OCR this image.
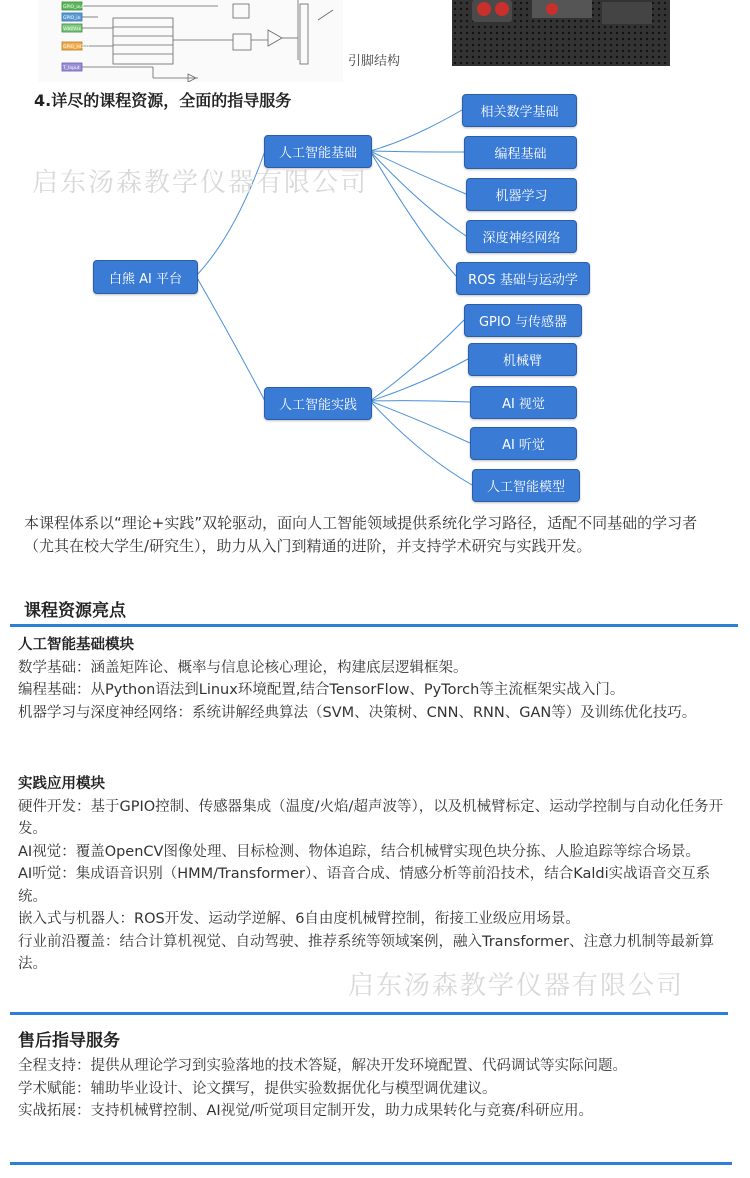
GPIO_out
GPIO_in
Vdd/Vss
GPIO_HOLD
T_Input	引脚结构
4.详尽的课程资源，全面的指导服务
白熊 AI 平台
人工智能基础
人工智能实践
相关数学基础
编程基础
机器学习
深度神经网络
ROS 基础与运动学
GPIO 与传感器
机械臂
AI 视觉
AI 听觉
人工智能模型
启东汤森教学仪器有限公司
本课程体系以“理论+实践”双轮驱动，面向人工智能领域提供系统化学习路径，适配不同基础的学习者（尤其在校大学生/研究生），助力从入门到精通的进阶，并支持学术研究与实践开发。
课程资源亮点

人工智能基础模块

数学基础：涵盖矩阵论、概率与信息论核心理论，构建底层逻辑框架。

编程基础：从Python语法到Linux环境配置,结合TensorFlow、PyTorch等主流框架实战入门。

机器学习与深度神经网络：系统讲解经典算法（SVM、决策树、CNN、RNN、GAN等）及训练优化技巧。

实践应用模块

硬件开发：基于GPIO控制、传感器集成（温度/火焰/超声波等），以及机械臂标定、运动学控制与自动化任务开发。

AI视觉：覆盖OpenCV图像处理、目标检测、物体追踪，结合机械臂实现色块分拣、人脸追踪等综合场景。

AI听觉：集成语音识别（HMM/Transformer）、语音合成、情感分析等前沿技术，结合Kaldi实战语音交互系统。

嵌入式与机器人：ROS开发、运动学逆解、6自由度机械臂控制，衔接工业级应用场景。

行业前沿覆盖：结合计算机视觉、自动驾驶、推荐系统等领域案例，融入Transformer、注意力机制等最新算法。

启东汤森教学仪器有限公司
售后指导服务

全程支持：提供从理论学习到实验落地的技术答疑，解决开发环境配置、代码调试等实际问题。

学术赋能：辅助毕业设计、论文撰写，提供实验数据优化与模型调优建议。

实战拓展：支持机械臂控制、AI视觉/听觉项目定制开发，助力成果转化与竞赛/科研应用。
